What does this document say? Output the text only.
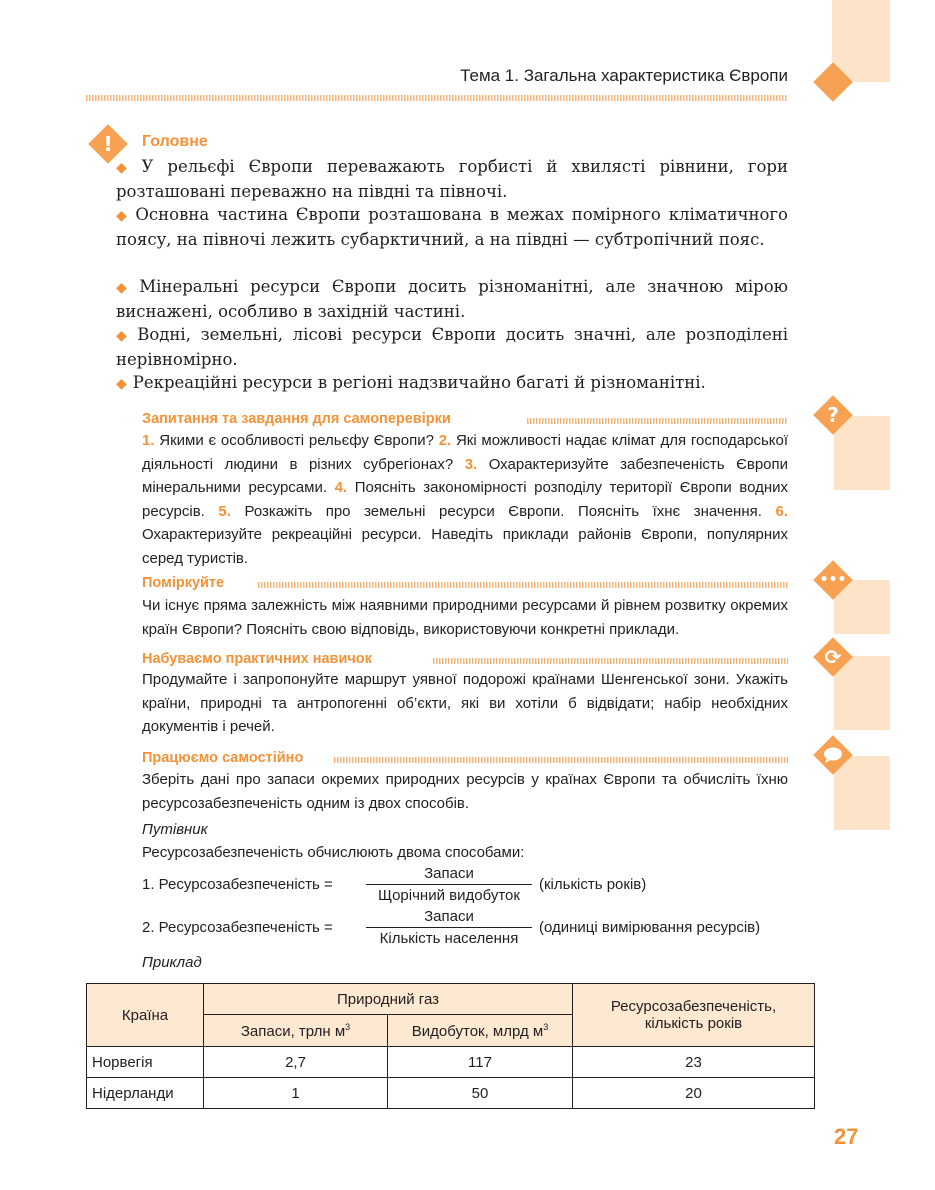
Тема 1. Загальна характеристика Європи
!	Головне
◆ У рельєфі Європи переважають горбисті й хвилясті рівнини, гори розташовані переважно на півдні та півночі.
◆ Основна частина Європи розташована в межах помірного кліматичного поясу, на півночі лежить субарктичний, а на півдні — субтропічний пояс.
◆ Мінеральні ресурси Європи досить різноманітні, але значною мірою виснажені, особливо в західній частині.
◆ Водні, земельні, лісові ресурси Європи досить значні, але розподілені нерівномірно.
◆ Рекреаційні ресурси в регіоні надзвичайно багаті й різноманітні.
Запитання та завдання для самоперевірки	?
1. Якими є особливості рельєфу Європи? 2. Які можливості надає клімат для господарської діяльності людини в різних субрегіонах? 3. Охарактеризуйте забезпеченість Європи мінеральними ресурсами. 4. Поясніть закономірності розподілу території Європи водних ресурсів. 5. Розкажіть про земельні ресурси Європи. Поясніть їхнє значення. 6. Охарактеризуйте рекреаційні ресурси. Наведіть приклади районів Європи, популярних серед туристів.
Поміркуйте	•••
Чи існує пряма залежність між наявними природними ресурсами й рівнем розвитку окремих країн Європи? Поясніть свою відповідь, використовуючи конкретні приклади.
Набуваємо практичних навичок	⟳
Продумайте і запропонуйте маршрут уявної подорожі країнами Шенгенської зони. Укажіть країни, природні та антропогенні об’єкти, які ви хотіли б відвідати; набір необхідних документів і речей.
Працюємо самостійно
Зберіть дані про запаси окремих природних ресурсів у країнах Європи та обчисліть їхню ресурсозабезпеченість одним із двох способів.
Путівник
Ресурсозабезпеченість обчислюють двома способами:
1. Ресурсозабезпеченість =
Запаси
Щорічний видобуток
(кількість років)
2. Ресурсозабезпеченість =
Запаси
Кількість населення
(одиниці вимірювання ресурсів)
Приклад
Країна	Природний газ		Ресурсозабезпеченість, кількість років
	Запаси, трлн $м^3$	Видобуток, млрд $м^3$
Норвегія	2,7	117	23
Нідерланди	1	50	20
27
